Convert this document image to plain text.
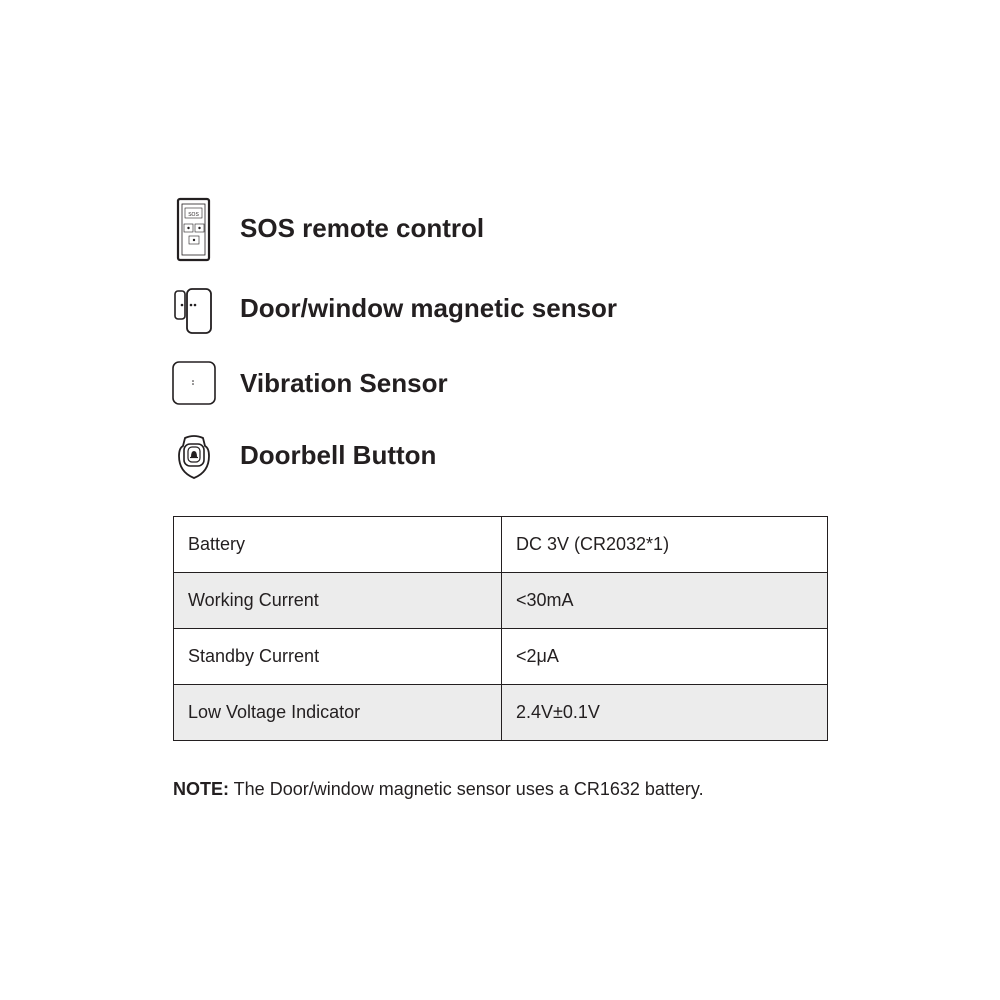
SOS SOS remote control
Door/window magnetic sensor
Vibration Sensor
Doorbell Button
Battery	DC 3V (CR2032*1)
Working Current	<30mA
Standby Current	<2μA
Low Voltage Indicator	2.4V±0.1V
NOTE: The Door/window magnetic sensor uses a CR1632 battery.
